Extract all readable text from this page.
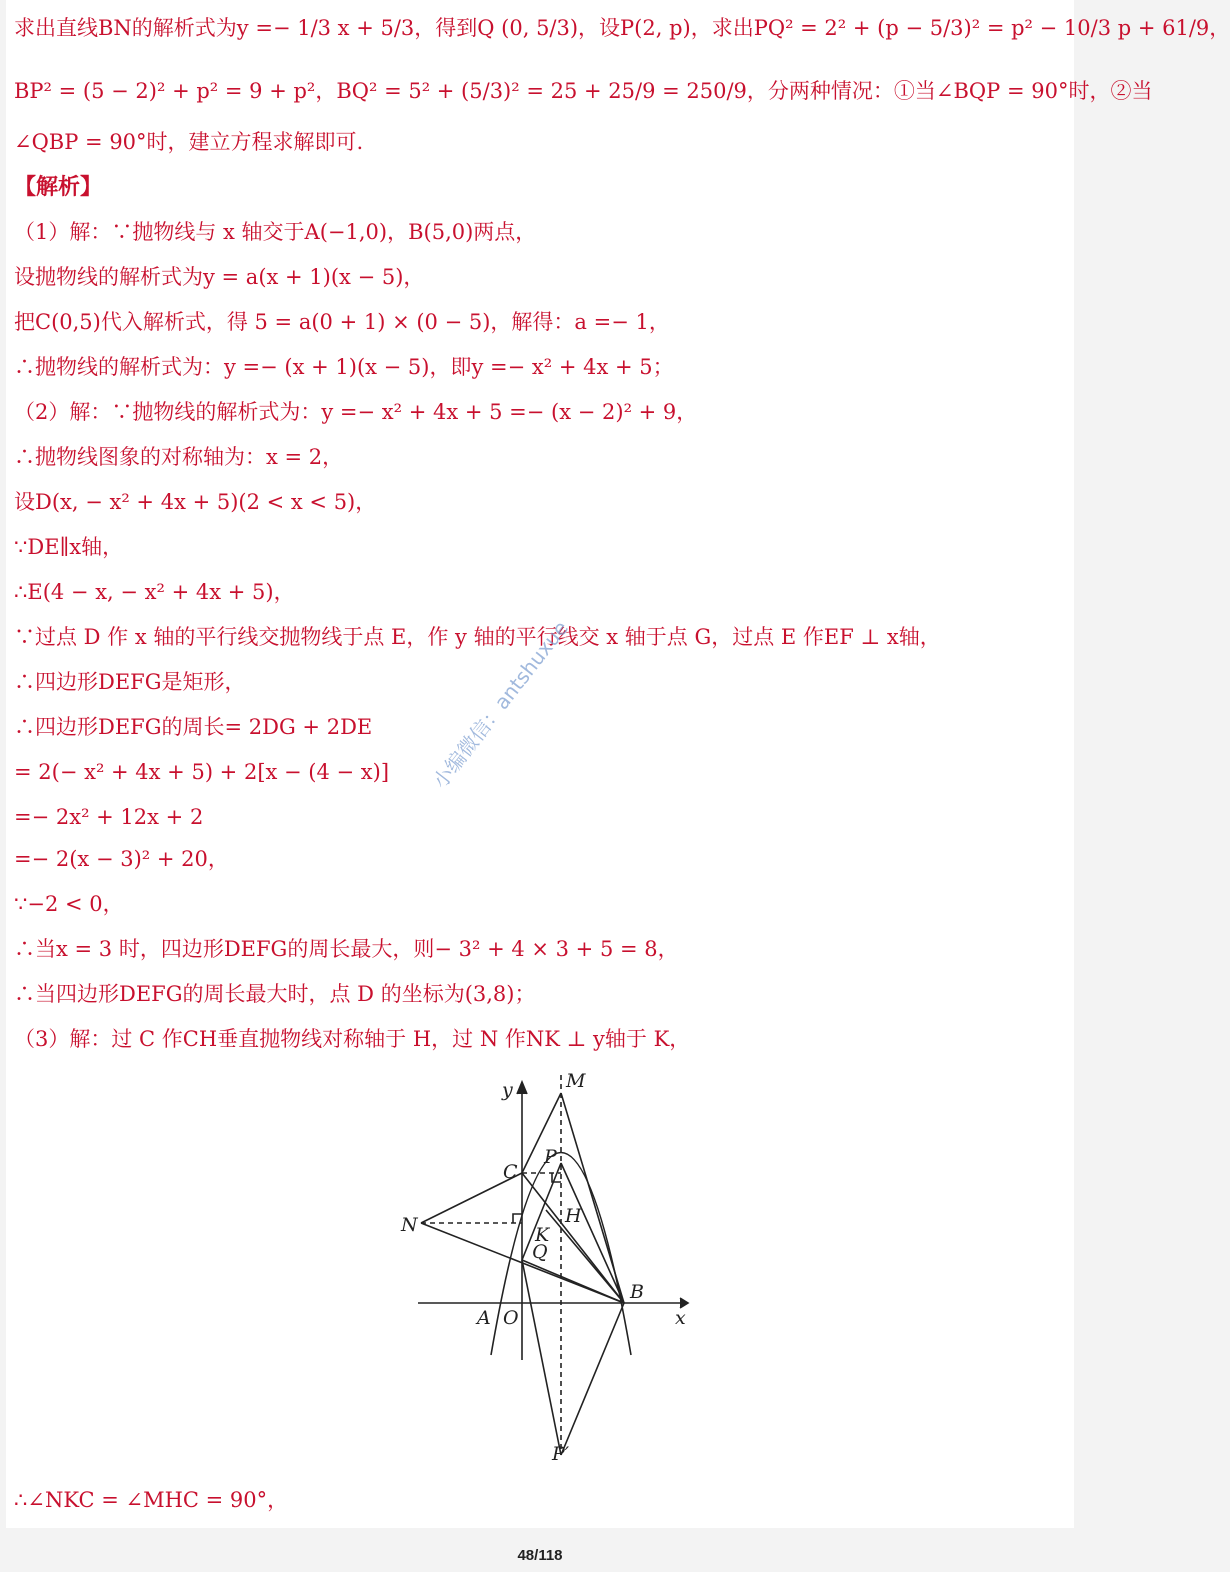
求出直线BN的解析式为y =− 1/3 x + 5/3，得到Q (0, 5/3)，设P(2, p)，求出PQ² = 2² + (p − 5/3)² = p² − 10/3 p + 61/9，
BP² = (5 − 2)² + p² = 9 + p²，BQ² = 5² + (5/3)² = 25 + 25/9 = 250/9，分两种情况：①当∠BQP = 90°时，②当
∠QBP = 90°时，建立方程求解即可.
【解析】
（1）解：∵抛物线与 x 轴交于A(−1,0)，B(5,0)两点，
设抛物线的解析式为y = a(x + 1)(x − 5)，
把C(0,5)代入解析式，得 5 = a(0 + 1) × (0 − 5)，解得：a =− 1，
∴抛物线的解析式为：y =− (x + 1)(x − 5)，即y =− x² + 4x + 5；
（2）解：∵抛物线的解析式为：y =− x² + 4x + 5 =− (x − 2)² + 9，
∴抛物线图象的对称轴为：x = 2，
设D(x, − x² + 4x + 5)(2 < x < 5)，
∵DE∥x轴，
∴E(4 − x, − x² + 4x + 5)，
∵过点 D 作 x 轴的平行线交抛物线于点 E，作 y 轴的平行线交 x 轴于点 G，过点 E 作EF ⊥ x轴，
∴四边形DEFG是矩形，
∴四边形DEFG的周长= 2DG + 2DE
= 2(− x² + 4x + 5) + 2[x − (4 − x)]
=− 2x² + 12x + 2
=− 2(x − 3)² + 20，
∵−2 < 0，
∴当x = 3 时，四边形DEFG的周长最大，则− 3² + 4 × 3 + 5 = 8，
∴当四边形DEFG的周长最大时，点 D 的坐标为(3,8)；
（3）解：过 C 作CH垂直抛物线对称轴于 H，过 N 作NK ⊥ y轴于 K，
小编微信：antshuxue
y	M
C
P
H
N	K
Q
B
A O	x
P′
∴∠NKC = ∠MHC = 90°，
48/118
